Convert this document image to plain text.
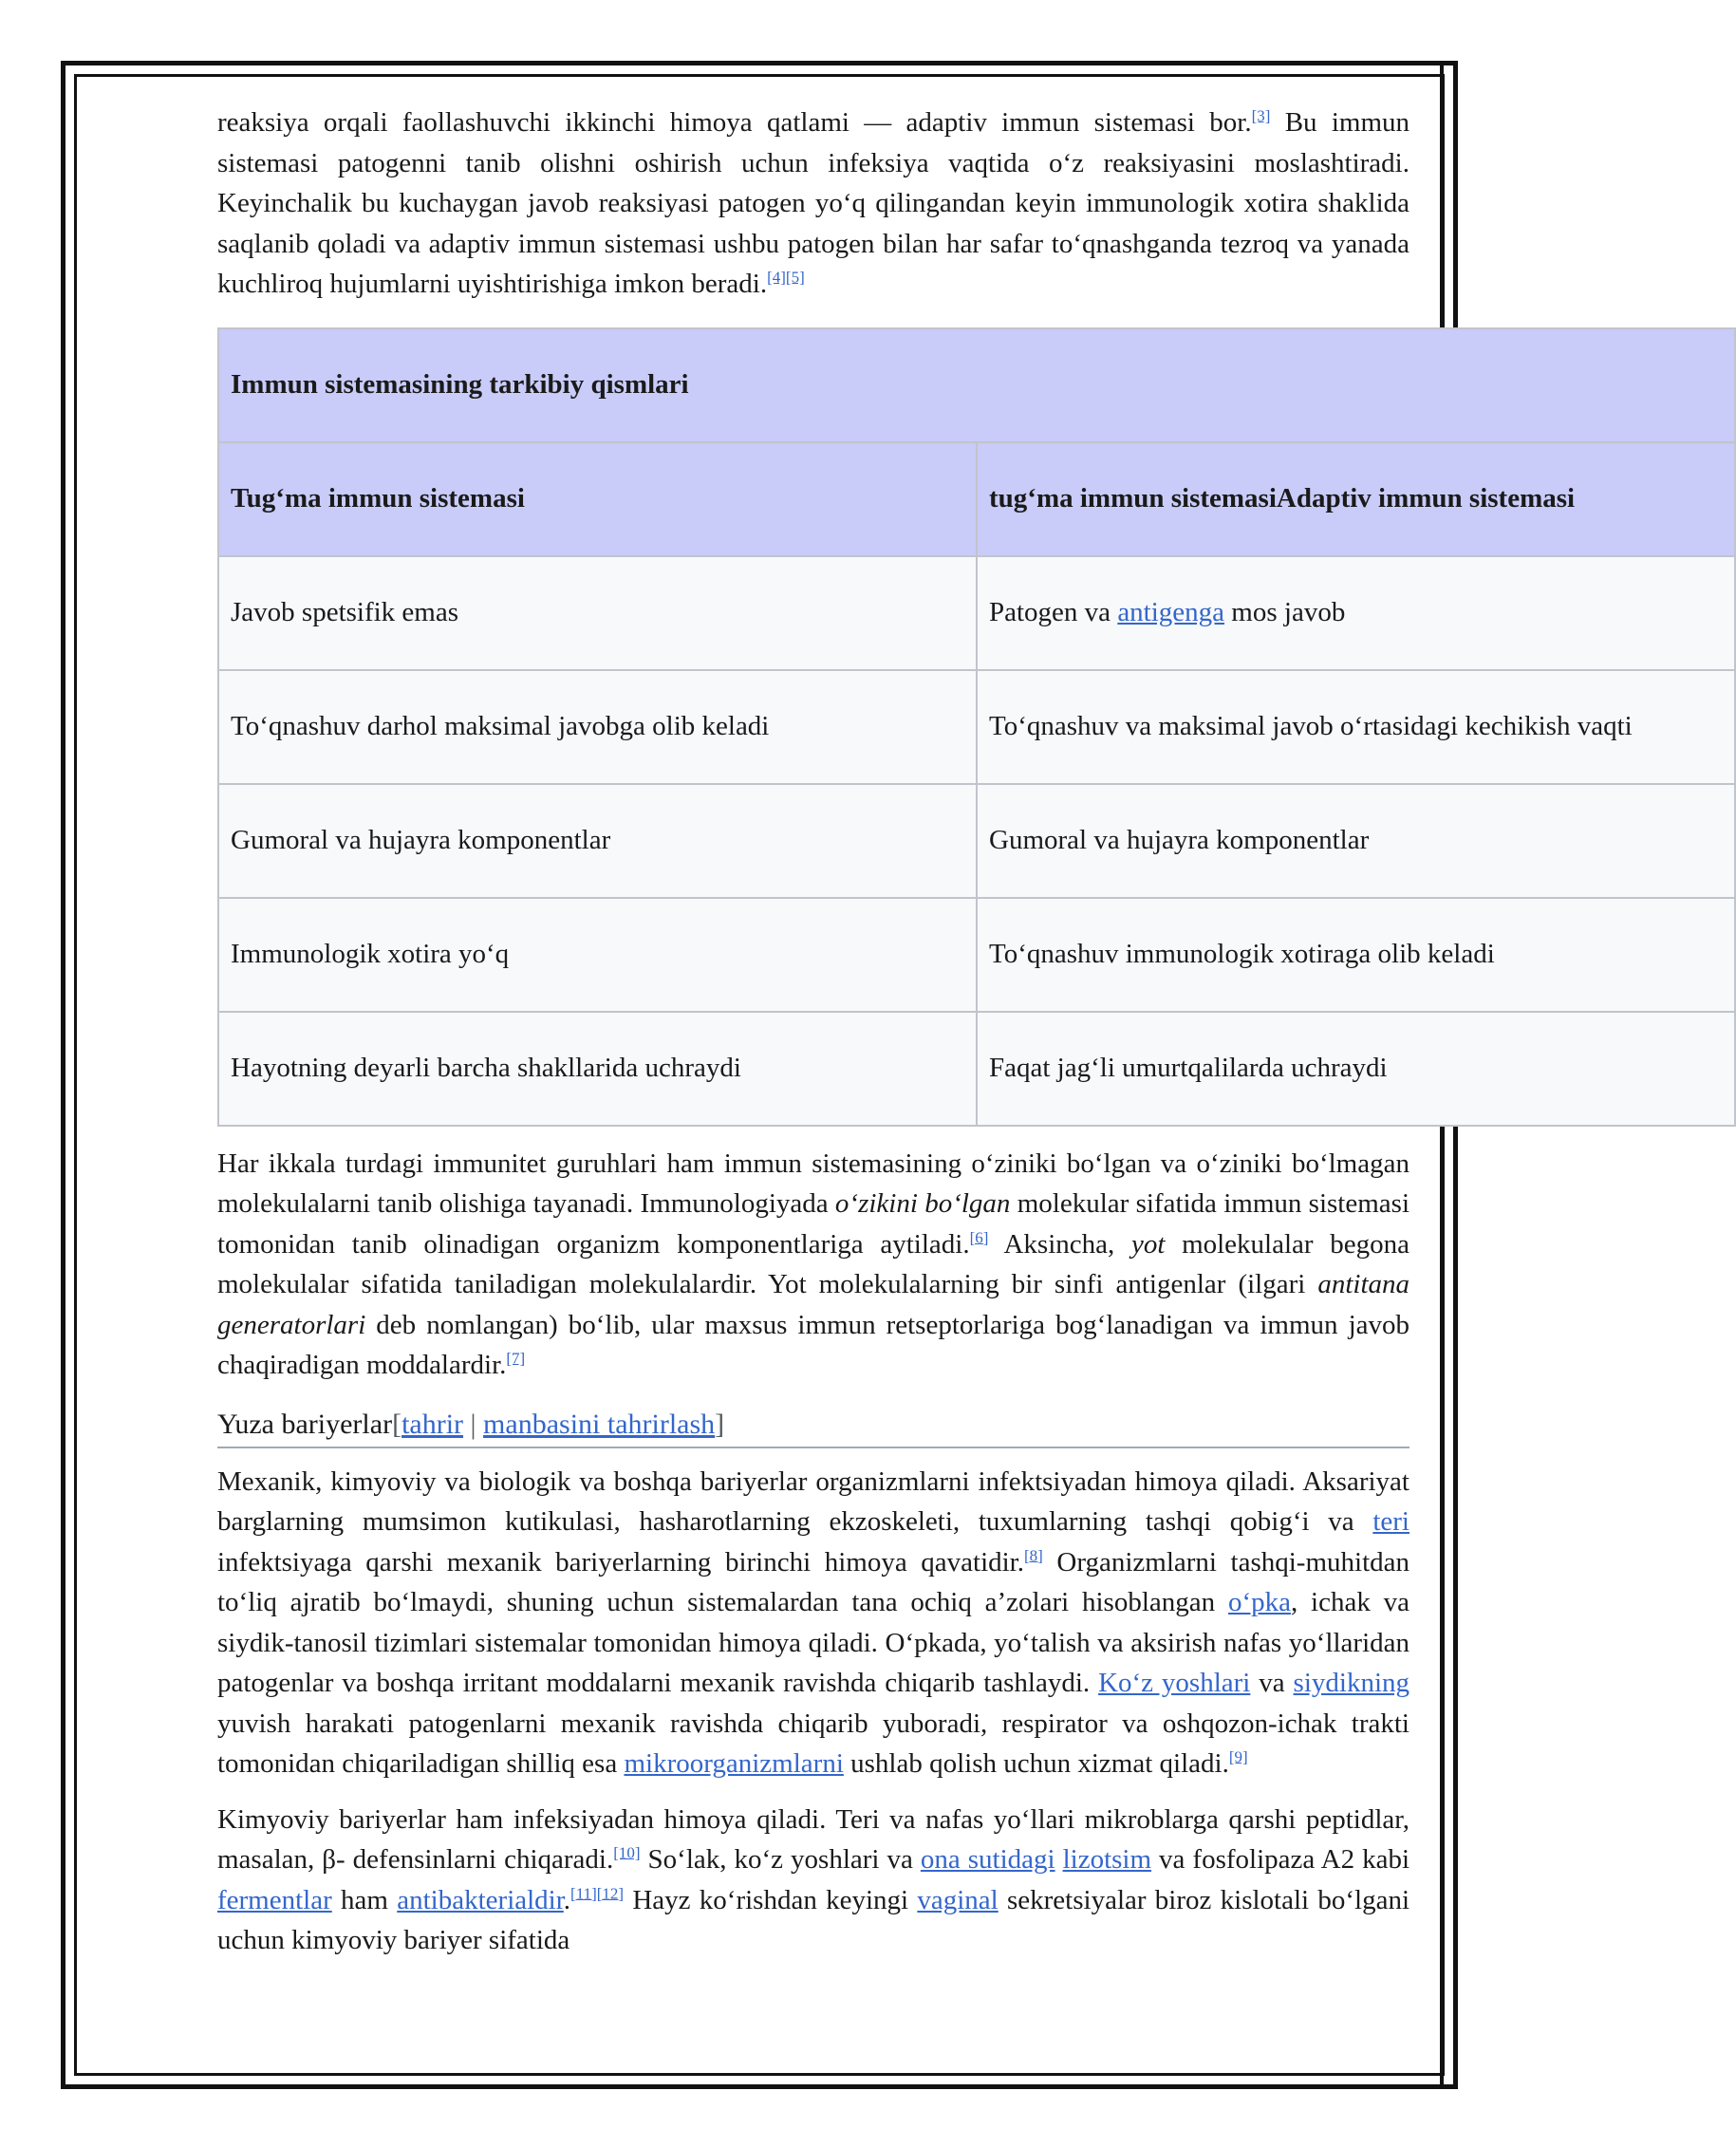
reaksiya orqali faollashuvchi ikkinchi himoya qatlami — adaptiv immun sistemasi bor.[3] Bu immun sistemasi patogenni tanib olishni oshirish uchun infeksiya vaqtida oʻz reaksiyasini moslashtiradi. Keyinchalik bu kuchaygan javob reaksiyasi patogen yoʻq qilingandan keyin immunologik xotira shaklida saqlanib qoladi va adaptiv immun sistemasi ushbu patogen bilan har safar toʻqnashganda tezroq va yanada kuchliroq hujumlarni uyishtirishiga imkon beradi.[4][5]

Immun sistemasining tarkibiy qismlari	
Tugʻma immun sistemasi	tugʻma immun sistemasiAdaptiv immun sistemasi
Javob spetsifik emas	Patogen va antigenga mos javob
Toʻqnashuv darhol maksimal javobga olib keladi	Toʻqnashuv va maksimal javob oʻrtasidagi kechikish vaqti
Gumoral va hujayra komponentlar	Gumoral va hujayra komponentlar
Immunologik xotira yoʻq	Toʻqnashuv immunologik xotiraga olib keladi
Hayotning deyarli barcha shakllarida uchraydi	Faqat jagʻli umurtqalilarda uchraydi

Har ikkala turdagi immunitet guruhlari ham immun sistemasining oʻziniki boʻlgan va oʻziniki boʻlmagan molekulalarni tanib olishiga tayanadi. Immunologiyada oʻzikini boʻlgan molekular sifatida immun sistemasi tomonidan tanib olinadigan organizm komponentlariga aytiladi.[6] Aksincha, yot molekulalar begona molekulalar sifatida taniladigan molekulalardir. Yot molekulalarning bir sinfi antigenlar (ilgari antitana generatorlari deb nomlangan) boʻlib, ular maxsus immun retseptorlariga bogʻlanadigan va immun javob chaqiradigan moddalardir.[7]

Yuza bariyerlar[tahrir | manbasini tahrirlash]

Mexanik, kimyoviy va biologik va boshqa bariyerlar organizmlarni infektsiyadan himoya qiladi. Aksariyat barglarning mumsimon kutikulasi, hasharotlarning ekzoskeleti, tuxumlarning tashqi qobigʻi va teri infektsiyaga qarshi mexanik bariyerlarning birinchi himoya qavatidir.[8] Organizmlarni tashqi-muhitdan toʻliq ajratib boʻlmaydi, shuning uchun sistemalardan tana ochiq aʼzolari hisoblangan oʻpka, ichak va siydik-tanosil tizimlari sistemalar tomonidan himoya qiladi. Oʻpkada, yoʻtalish va aksirish nafas yoʻllaridan patogenlar va boshqa irritant moddalarni mexanik ravishda chiqarib tashlaydi. Koʻz yoshlari va siydikning yuvish harakati patogenlarni mexanik ravishda chiqarib yuboradi, respirator va oshqozon-ichak trakti tomonidan chiqariladigan shilliq esa mikroorganizmlarni ushlab qolish uchun xizmat qiladi.[9]

Kimyoviy bariyerlar ham infeksiyadan himoya qiladi. Teri va nafas yoʻllari mikroblarga qarshi peptidlar, masalan, β- defensinlarni chiqaradi.[10] Soʻlak, koʻz yoshlari va ona sutidagi lizotsim va fosfolipaza A2 kabi fermentlar ham antibakterialdir.[11][12] Hayz koʻrishdan keyingi vaginal sekretsiyalar biroz kislotali boʻlgani uchun kimyoviy bariyer sifatida
